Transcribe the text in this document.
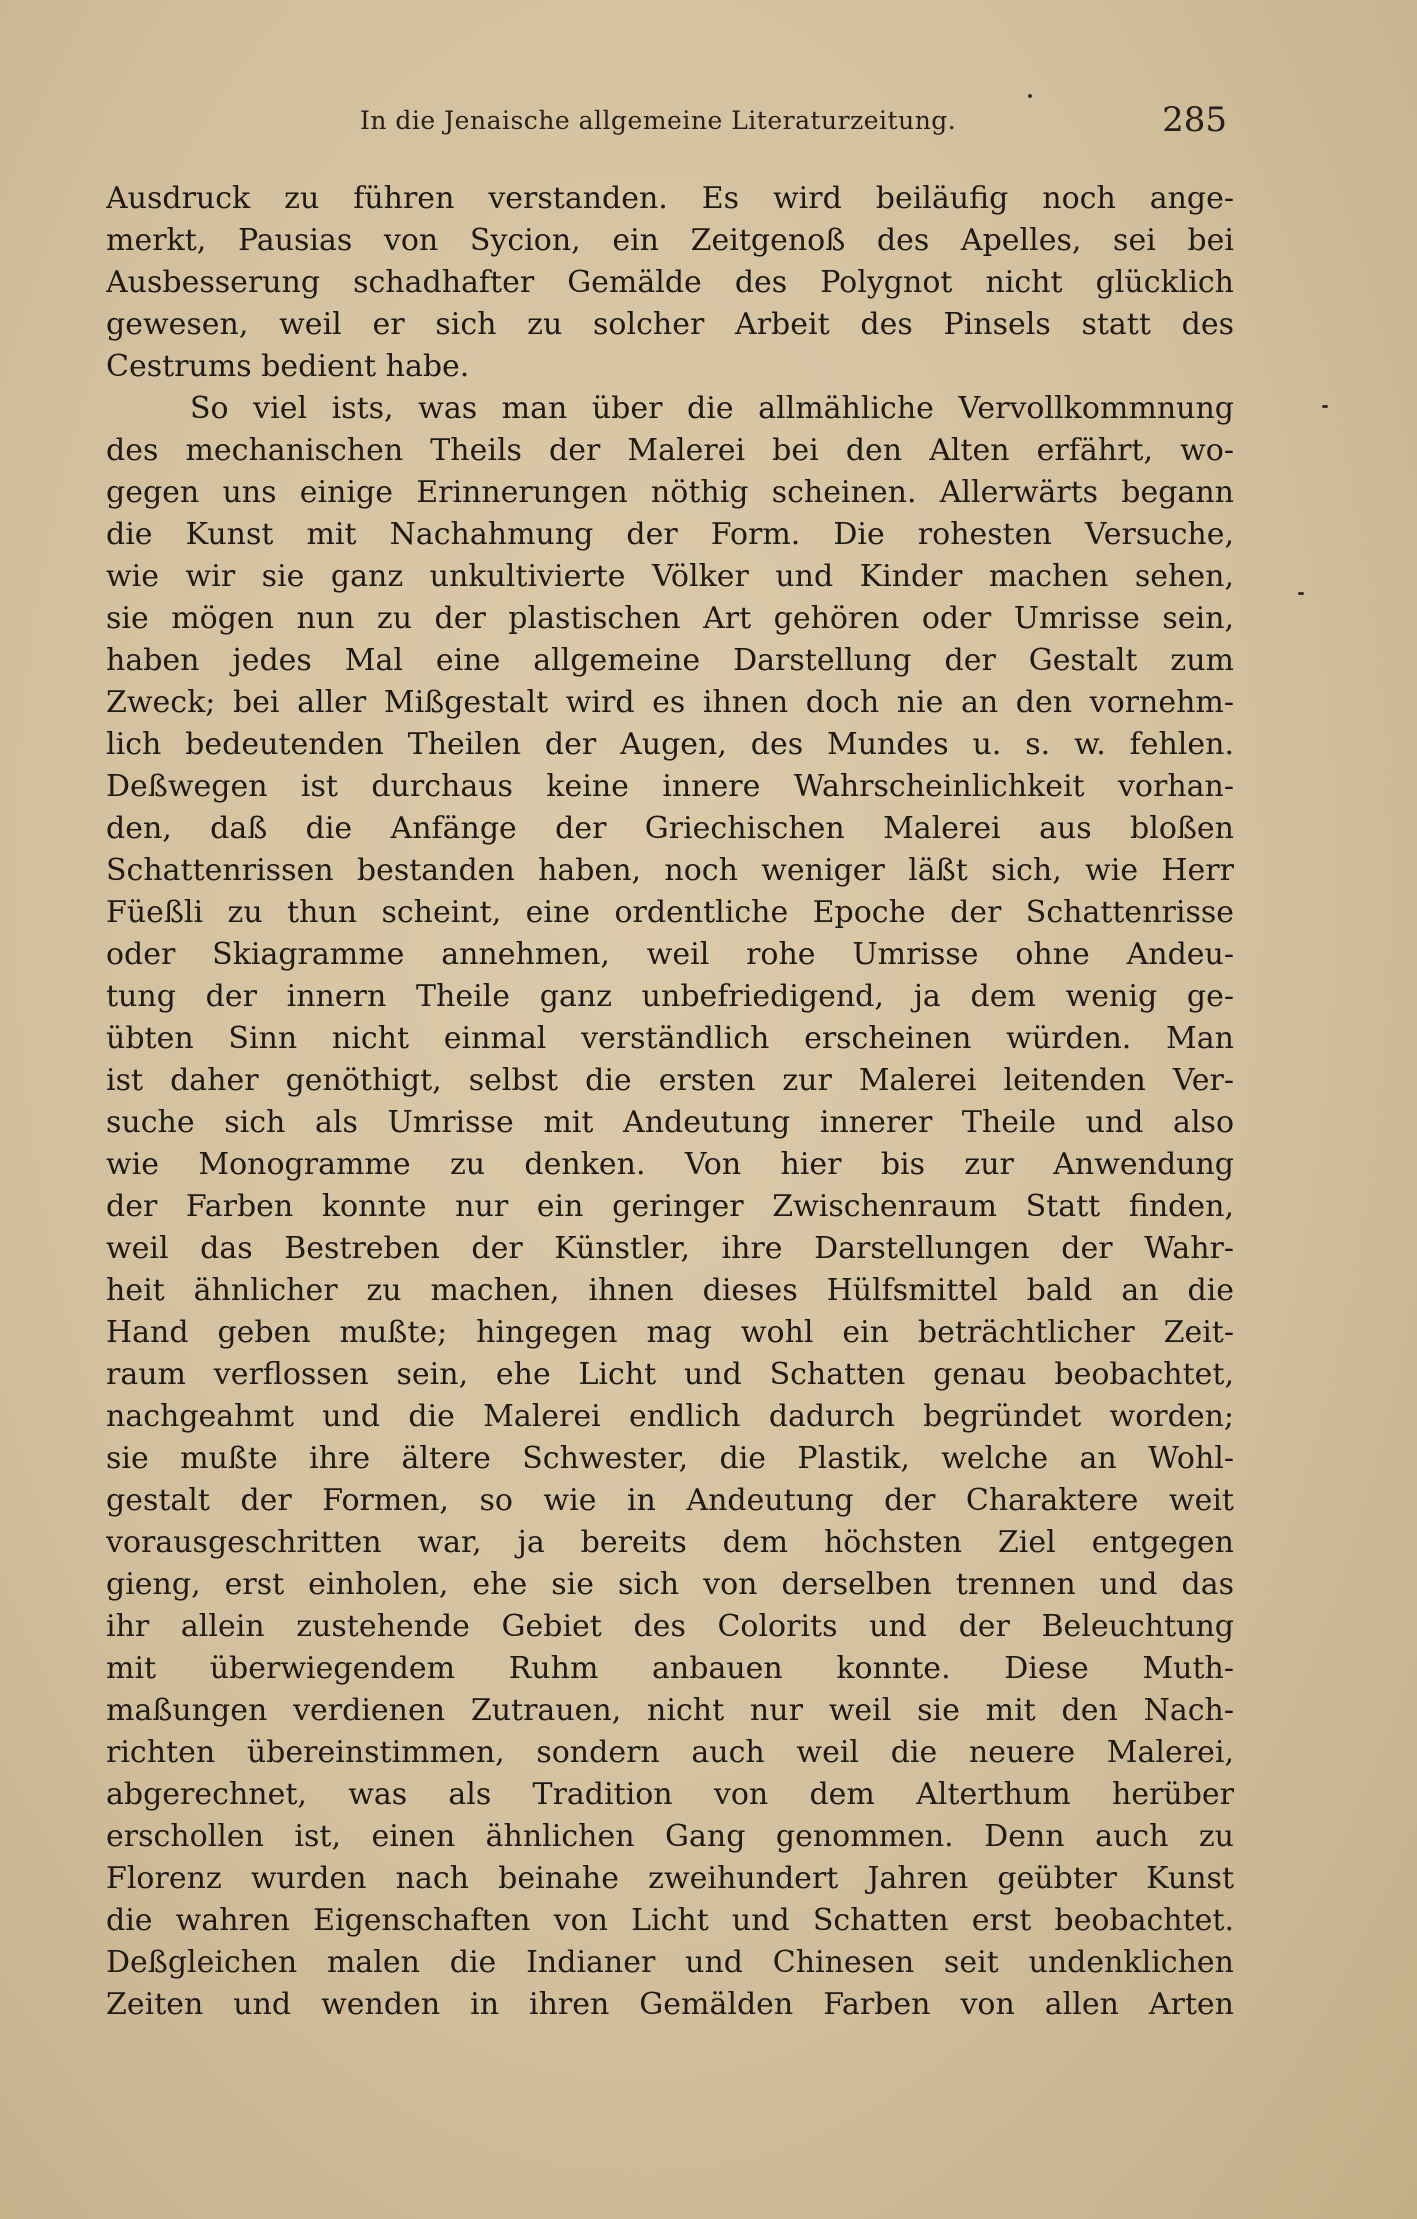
In die Jenaische allgemeine Literaturzeitung.	285
Ausdruck zu führen verstanden. Es wird beiläufig noch ange-
merkt, Pausias von Sycion, ein Zeitgenoß des Apelles, sei bei
Ausbesserung schadhafter Gemälde des Polygnot nicht glücklich
gewesen, weil er sich zu solcher Arbeit des Pinsels statt des
Cestrums bedient habe.
So viel ists, was man über die allmähliche Vervollkommnung
des mechanischen Theils der Malerei bei den Alten erfährt, wo-
gegen uns einige Erinnerungen nöthig scheinen. Allerwärts begann
die Kunst mit Nachahmung der Form. Die rohesten Versuche,
wie wir sie ganz unkultivierte Völker und Kinder machen sehen,
sie mögen nun zu der plastischen Art gehören oder Umrisse sein,
haben jedes Mal eine allgemeine Darstellung der Gestalt zum
Zweck; bei aller Mißgestalt wird es ihnen doch nie an den vornehm-
lich bedeutenden Theilen der Augen, des Mundes u. s. w. fehlen.
Deßwegen ist durchaus keine innere Wahrscheinlichkeit vorhan-
den, daß die Anfänge der Griechischen Malerei aus bloßen
Schattenrissen bestanden haben, noch weniger läßt sich, wie Herr
Füeßli zu thun scheint, eine ordentliche Epoche der Schattenrisse
oder Skiagramme annehmen, weil rohe Umrisse ohne Andeu-
tung der innern Theile ganz unbefriedigend, ja dem wenig ge-
übten Sinn nicht einmal verständlich erscheinen würden. Man
ist daher genöthigt, selbst die ersten zur Malerei leitenden Ver-
suche sich als Umrisse mit Andeutung innerer Theile und also
wie Monogramme zu denken. Von hier bis zur Anwendung
der Farben konnte nur ein geringer Zwischenraum Statt finden,
weil das Bestreben der Künstler, ihre Darstellungen der Wahr-
heit ähnlicher zu machen, ihnen dieses Hülfsmittel bald an die
Hand geben mußte; hingegen mag wohl ein beträchtlicher Zeit-
raum verflossen sein, ehe Licht und Schatten genau beobachtet,
nachgeahmt und die Malerei endlich dadurch begründet worden;
sie mußte ihre ältere Schwester, die Plastik, welche an Wohl-
gestalt der Formen, so wie in Andeutung der Charaktere weit
vorausgeschritten war, ja bereits dem höchsten Ziel entgegen
gieng, erst einholen, ehe sie sich von derselben trennen und das
ihr allein zustehende Gebiet des Colorits und der Beleuchtung
mit überwiegendem Ruhm anbauen konnte. Diese Muth-
maßungen verdienen Zutrauen, nicht nur weil sie mit den Nach-
richten übereinstimmen, sondern auch weil die neuere Malerei,
abgerechnet, was als Tradition von dem Alterthum herüber
erschollen ist, einen ähnlichen Gang genommen. Denn auch zu
Florenz wurden nach beinahe zweihundert Jahren geübter Kunst
die wahren Eigenschaften von Licht und Schatten erst beobachtet.
Deßgleichen malen die Indianer und Chinesen seit undenklichen
Zeiten und wenden in ihren Gemälden Farben von allen Arten
